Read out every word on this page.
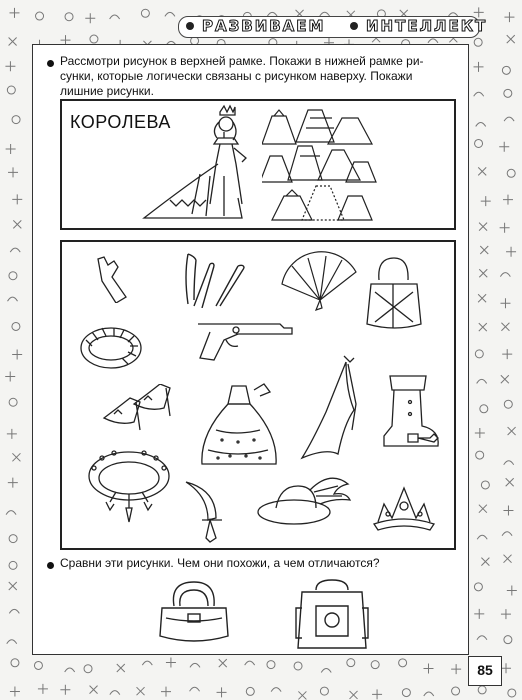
РАЗВИВАЕМ	ИНТЕЛЛЕКТ
Рассмотри рисунок в верхней рамке. Покажи в нижней рамке ри-
сунки, которые логически связаны с рисунком наверху. Покажи
лишние рисунки.
КОРОЛЕВА
Сравни эти рисунки. Чем они похожи, а чем отличаются?
85
